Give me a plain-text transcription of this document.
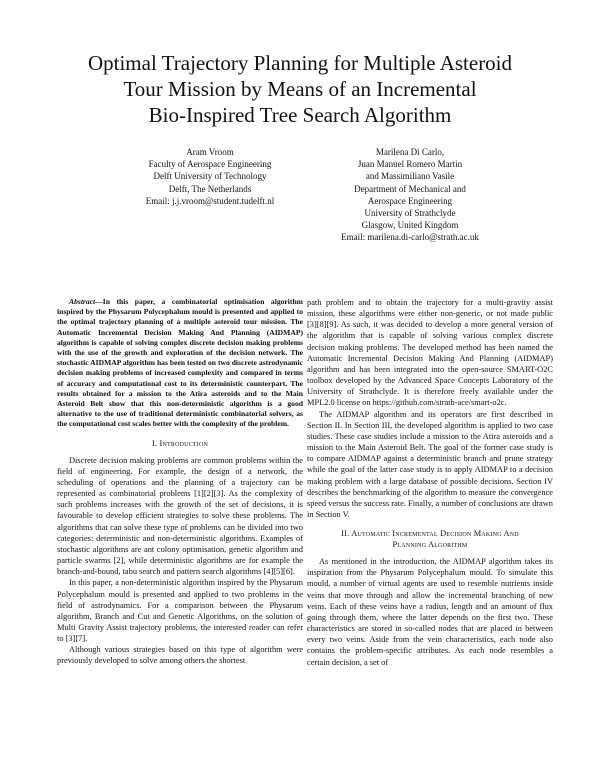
Optimal Trajectory Planning for Multiple Asteroid
Tour Mission by Means of an Incremental
Bio-Inspired Tree Search Algorithm
Aram Vroom
Faculty of Aerospace Engineering
Delft University of Technology
Delft, The Netherlands
Email: j.j.vroom@student.tudelft.nl
Marilena Di Carlo,
Juan Manuel Romero Martin
and Massimiliano Vasile
Department of Mechanical and
Aerospace Engineering
University of Strathclyde
Glasgow, United Kingdom
Email: marilena.di-carlo@strath.ac.uk

Abstract—In this paper, a combinatorial optimisation algorithm inspired by the Physarum Polycephalum mould is presented and applied to the optimal trajectory planning of a multiple asteroid tour mission. The Automatic Incremental Decision Making And Planning (AIDMAP) algorithm is capable of solving complex discrete decision making problems with the use of the growth and exploration of the decision network. The stochastic AIDMAP algorithm has been tested on two discrete astrodynamic decision making problems of increased complexity and compared in terms of accuracy and computational cost to its deterministic counterpart. The results obtained for a mission to the Atira asteroids and to the Main Asteroid Belt show that this non-deterministic algorithm is a good alternative to the use of traditional deterministic combinatorial solvers, as the computational cost scales better with the complexity of the problem.

I. Introduction

Discrete decision making problems are common problems within the field of engineering. For example, the design of a network, the scheduling of operations and the planning of a trajectory can be represented as combinatorial problems [1][2][3]. As the complexity of such problems increases with the growth of the set of decisions, it is favourable to develop efficient strategies to solve these problems. The algorithms that can solve these type of problems can be divided into two categories: deterministic and non-deterministic algorithms. Examples of stochastic algorithms are ant colony optimisation, genetic algorithm and particle swarms [2], while deterministic algorithms are for example the branch-and-bound, tabu search and pattern search algorithms [4][5][6].

In this paper, a non-deterministic algorithm inspired by the Physarum Polycephalum mould is presented and applied to two problems in the field of astrodynamics. For a comparison between the Physarum algorithm, Branch and Cut and Genetic Algorithms, on the solution of Multi Gravity Assist trajectory problems, the interested reader can refer to [3][7].

Although various strategies based on this type of algorithm were previously developed to solve among others the shortest

path problem and to obtain the trajectory for a multi-gravity assist mission, these algorithms were either non-generic, or not made public [3][8][9]. As such, it was decided to develop a more general version of the algorithm that is capable of solving various complex discrete decision making problems. The developed method has been named the Automatic Incremental Decision Making And Planning (AIDMAP) algorithm and has been integrated into the open-source SMART-O2C toolbox developed by the Advanced Space Concepts Laboratory of the University of Strathclyde. It is therefore freely available under the MPL2.0 license on https://github.com/strath-ace/smart-o2c.

The AIDMAP algorithm and its operators are first described in Section II. In Section III, the developed algorithm is applied to two case studies. These case studies include a mission to the Atira asteroids and a mission to the Main Asteroid Belt. The goal of the former case study is to compare AIDMAP against a deterministic branch and prune strategy while the goal of the latter case study is to apply AIDMAP to a decision making problem with a large database of possible decisions. Section IV describes the benchmarking of the algorithm to measure the convergence speed versus the success rate. Finally, a number of conclusions are drawn in Section V.

II. Automatic Incremental Decision Making And
Planning Algorithm

As mentioned in the introduction, the AIDMAP algorithm takes its inspiration from the Physarum Polycephalum mould. To simulate this mould, a number of virtual agents are used to resemble nutrients inside veins that move through and allow the incremental branching of new veins. Each of these veins have a radius, length and an amount of flux going through them, where the latter depends on the first two. These characteristics are stored in so-called nodes that are placed in between every two veins. Aside from the vein characteristics, each node also contains the problem-specific attributes. As each node resembles a certain decision, a set of
